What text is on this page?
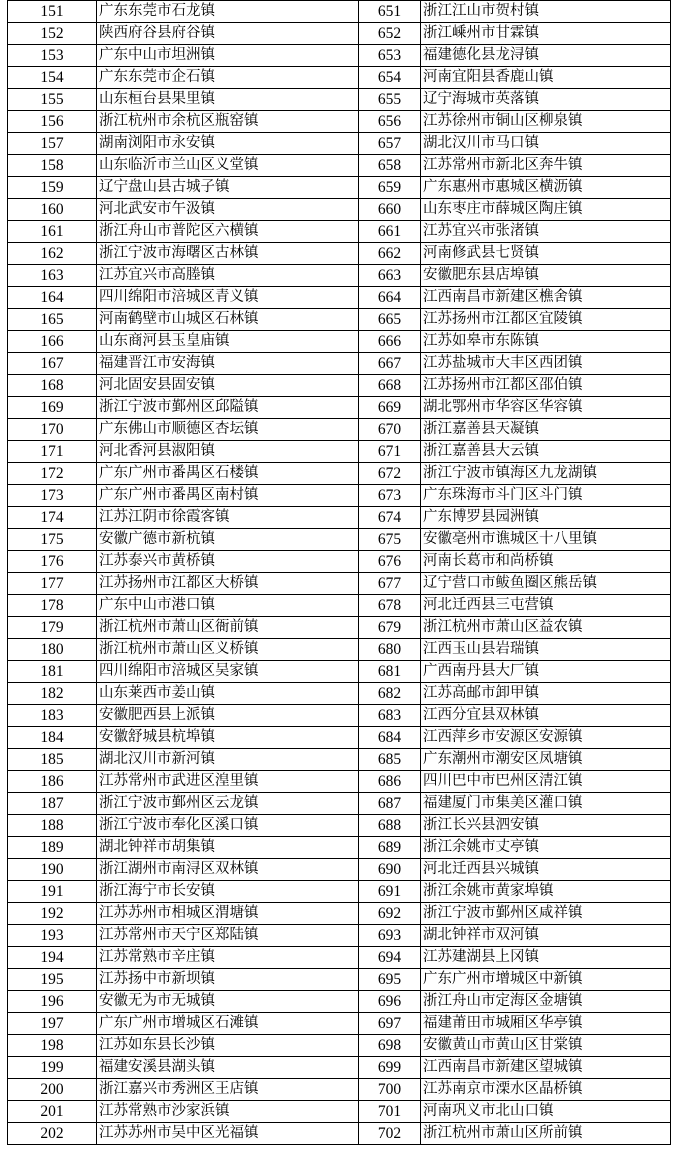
151	广东东莞市石龙镇	651	浙江江山市贺村镇
152	陕西府谷县府谷镇	652	浙江嵊州市甘霖镇
153	广东中山市坦洲镇	653	福建德化县龙浔镇
154	广东东莞市企石镇	654	河南宜阳县香鹿山镇
155	山东桓台县果里镇	655	辽宁海城市英落镇
156	浙江杭州市余杭区瓶窑镇	656	江苏徐州市铜山区柳泉镇
157	湖南浏阳市永安镇	657	湖北汉川市马口镇
158	山东临沂市兰山区义堂镇	658	江苏常州市新北区奔牛镇
159	辽宁盘山县古城子镇	659	广东惠州市惠城区横沥镇
160	河北武安市午汲镇	660	山东枣庄市薛城区陶庄镇
161	浙江舟山市普陀区六横镇	661	江苏宜兴市张渚镇
162	浙江宁波市海曙区古林镇	662	河南修武县七贤镇
163	江苏宜兴市高塍镇	663	安徽肥东县店埠镇
164	四川绵阳市涪城区青义镇	664	江西南昌市新建区樵舍镇
165	河南鹤壁市山城区石林镇	665	江苏扬州市江都区宜陵镇
166	山东商河县玉皇庙镇	666	江苏如皋市东陈镇
167	福建晋江市安海镇	667	江苏盐城市大丰区西团镇
168	河北固安县固安镇	668	江苏扬州市江都区邵伯镇
169	浙江宁波市鄞州区邱隘镇	669	湖北鄂州市华容区华容镇
170	广东佛山市顺德区杏坛镇	670	浙江嘉善县天凝镇
171	河北香河县淑阳镇	671	浙江嘉善县大云镇
172	广东广州市番禺区石楼镇	672	浙江宁波市镇海区九龙湖镇
173	广东广州市番禺区南村镇	673	广东珠海市斗门区斗门镇
174	江苏江阴市徐霞客镇	674	广东博罗县园洲镇
175	安徽广德市新杭镇	675	安徽亳州市谯城区十八里镇
176	江苏泰兴市黄桥镇	676	河南长葛市和尚桥镇
177	江苏扬州市江都区大桥镇	677	辽宁营口市鲅鱼圈区熊岳镇
178	广东中山市港口镇	678	河北迁西县三屯营镇
179	浙江杭州市萧山区衙前镇	679	浙江杭州市萧山区益农镇
180	浙江杭州市萧山区义桥镇	680	江西玉山县岩瑞镇
181	四川绵阳市涪城区吴家镇	681	广西南丹县大厂镇
182	山东莱西市姜山镇	682	江苏高邮市卸甲镇
183	安徽肥西县上派镇	683	江西分宜县双林镇
184	安徽舒城县杭埠镇	684	江西萍乡市安源区安源镇
185	湖北汉川市新河镇	685	广东潮州市潮安区凤塘镇
186	江苏常州市武进区湟里镇	686	四川巴中市巴州区清江镇
187	浙江宁波市鄞州区云龙镇	687	福建厦门市集美区灌口镇
188	浙江宁波市奉化区溪口镇	688	浙江长兴县泗安镇
189	湖北钟祥市胡集镇	689	浙江余姚市丈亭镇
190	浙江湖州市南浔区双林镇	690	河北迁西县兴城镇
191	浙江海宁市长安镇	691	浙江余姚市黄家埠镇
192	江苏苏州市相城区渭塘镇	692	浙江宁波市鄞州区咸祥镇
193	江苏常州市天宁区郑陆镇	693	湖北钟祥市双河镇
194	江苏常熟市辛庄镇	694	江苏建湖县上冈镇
195	江苏扬中市新坝镇	695	广东广州市增城区中新镇
196	安徽无为市无城镇	696	浙江舟山市定海区金塘镇
197	广东广州市增城区石滩镇	697	福建莆田市城厢区华亭镇
198	江苏如东县长沙镇	698	安徽黄山市黄山区甘棠镇
199	福建安溪县湖头镇	699	江西南昌市新建区望城镇
200	浙江嘉兴市秀洲区王店镇	700	江苏南京市溧水区晶桥镇
201	江苏常熟市沙家浜镇	701	河南巩义市北山口镇
202	江苏苏州市吴中区光福镇	702	浙江杭州市萧山区所前镇
